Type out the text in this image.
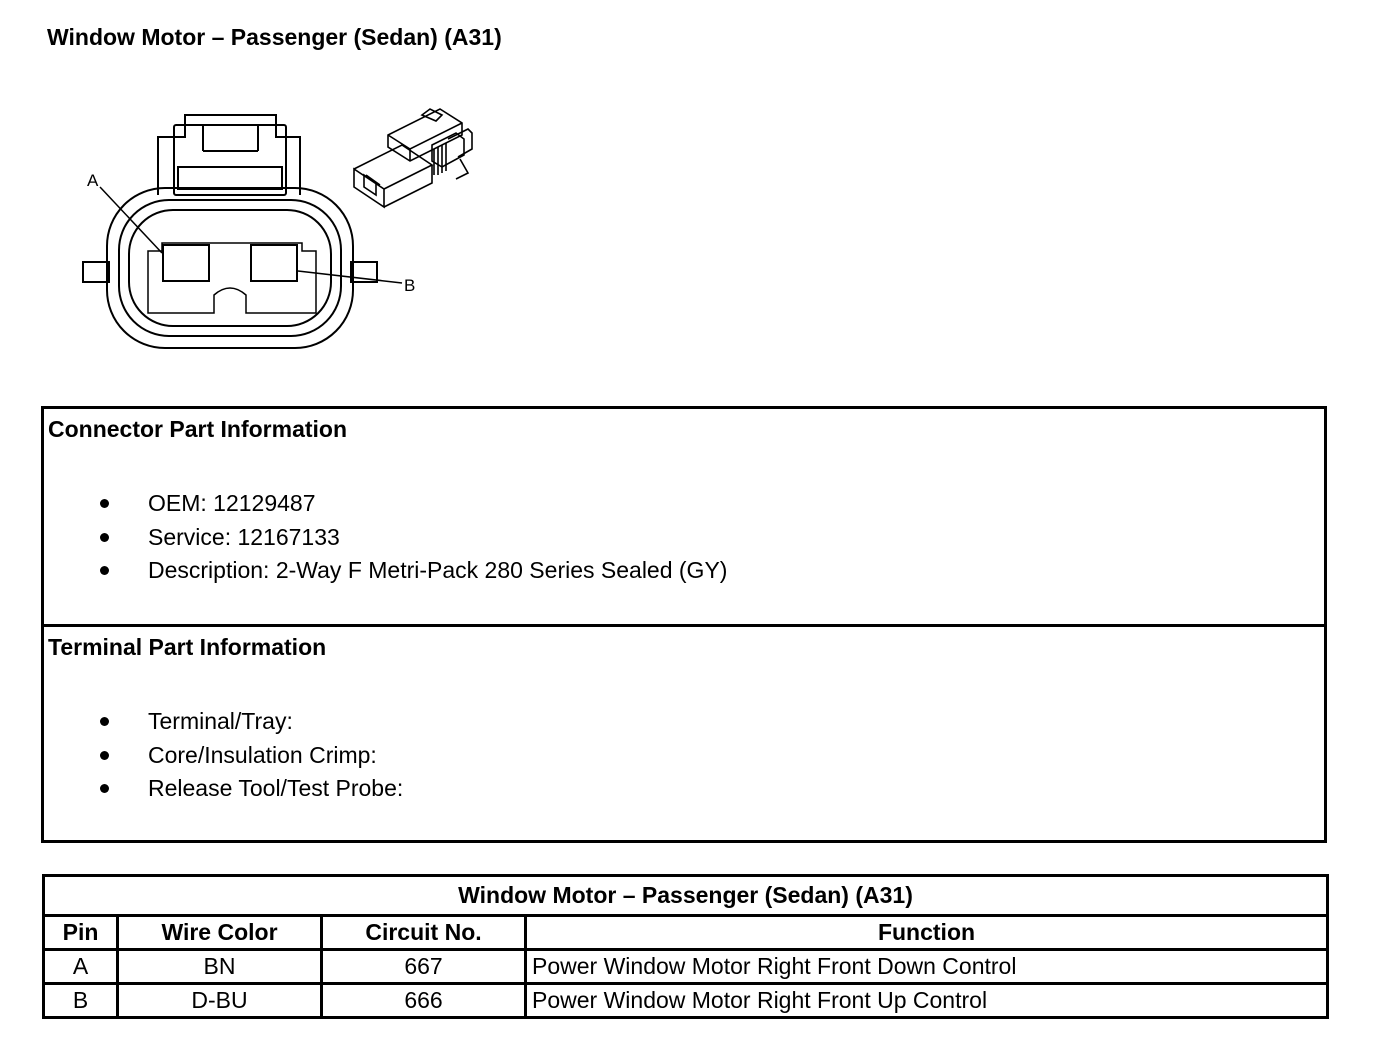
Window Motor – Passenger (Sedan) (A31)
A
B
Connector Part Information
OEM: 12129487
Service: 12167133
Description: 2-Way F Metri-Pack 280 Series Sealed (GY)
Terminal Part Information
Terminal/Tray:
Core/Insulation Crimp:
Release Tool/Test Probe:
Window Motor – Passenger (Sedan) (A31)			
Pin	Wire Color	Circuit No.	Function
A	BN	667	Power Window Motor Right Front Down Control
B	D-BU	666	Power Window Motor Right Front Up Control
